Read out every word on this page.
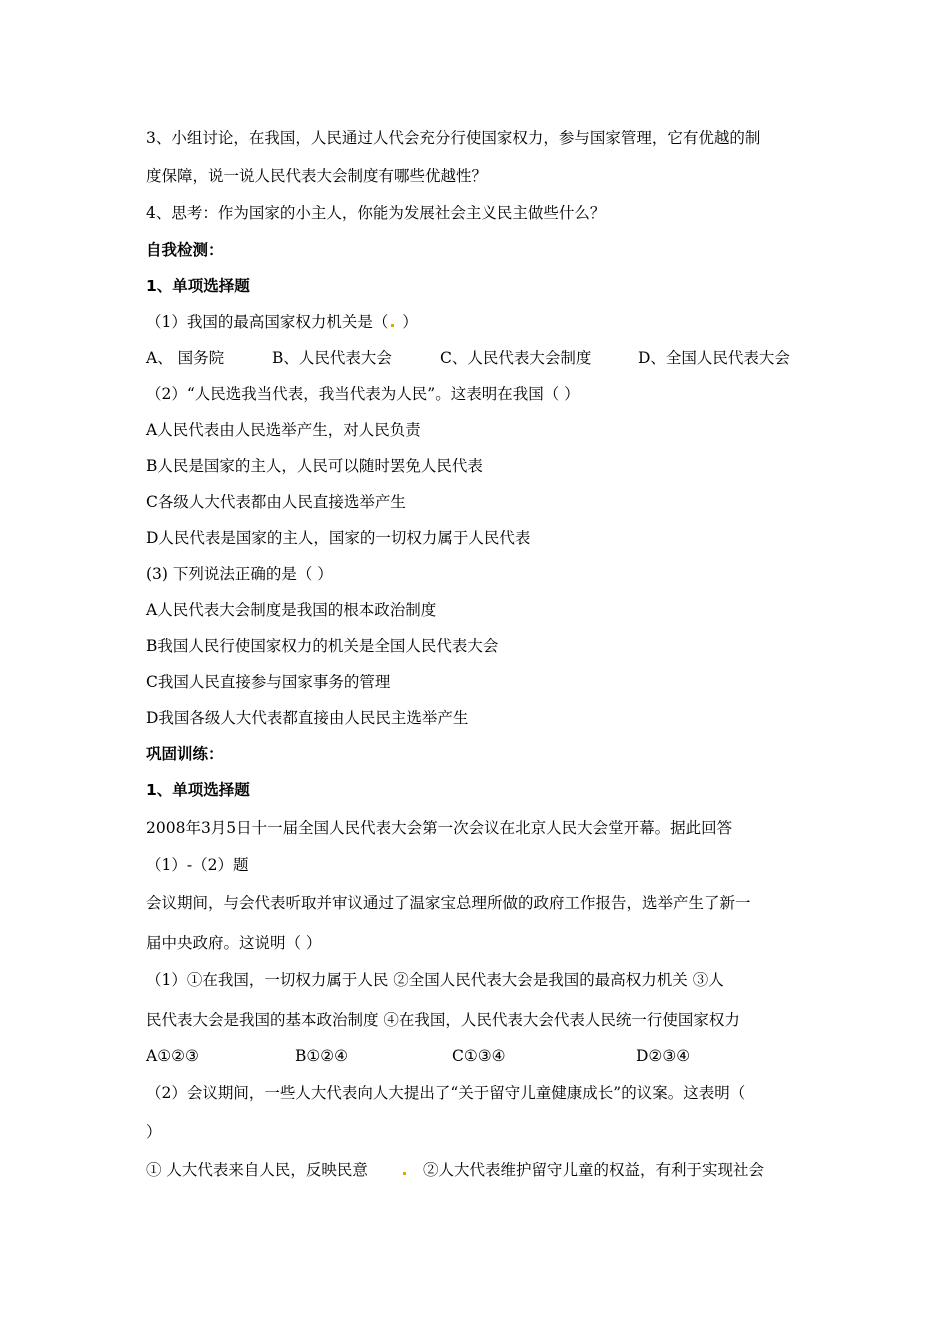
3、小组讨论，在我国，人民通过人代会充分行使国家权力，参与国家管理，它有优越的制
度保障，说一说人民代表大会制度有哪些优越性？
4、思考：作为国家的小主人，你能为发展社会主义民主做些什么？
自我检测：
1、单项选择题
（1）我国的最高国家权力机关是（ ）
A、 国务院	B、人民代表大会	C、人民代表大会制度	D、全国人民代表大会
（2）“人民选我当代表，我当代表为人民”。这表明在我国（ ）
A人民代表由人民选举产生，对人民负责
B人民是国家的主人，人民可以随时罢免人民代表
C各级人大代表都由人民直接选举产生
D人民代表是国家的主人，国家的一切权力属于人民代表
(3) 下列说法正确的是（ ）
A人民代表大会制度是我国的根本政治制度
B我国人民行使国家权力的机关是全国人民代表大会
C我国人民直接参与国家事务的管理
D我国各级人大代表都直接由人民民主选举产生
巩固训练：
1、单项选择题
2008年3月5日十一届全国人民代表大会第一次会议在北京人民大会堂开幕。据此回答
（1）-（2）题
会议期间，与会代表听取并审议通过了温家宝总理所做的政府工作报告，选举产生了新一
届中央政府。这说明（ ）
（1）①在我国，一切权力属于人民 ②全国人民代表大会是我国的最高权力机关 ③人
民代表大会是我国的基本政治制度 ④在我国，人民代表大会代表人民统一行使国家权力
A①②③	B①②④	C①③④	D②③④
（2）会议期间，一些人大代表向人大提出了“关于留守儿童健康成长”的议案。这表明（
）
① 人大代表来自人民，反映民意	②人大代表维护留守儿童的权益，有利于实现社会
